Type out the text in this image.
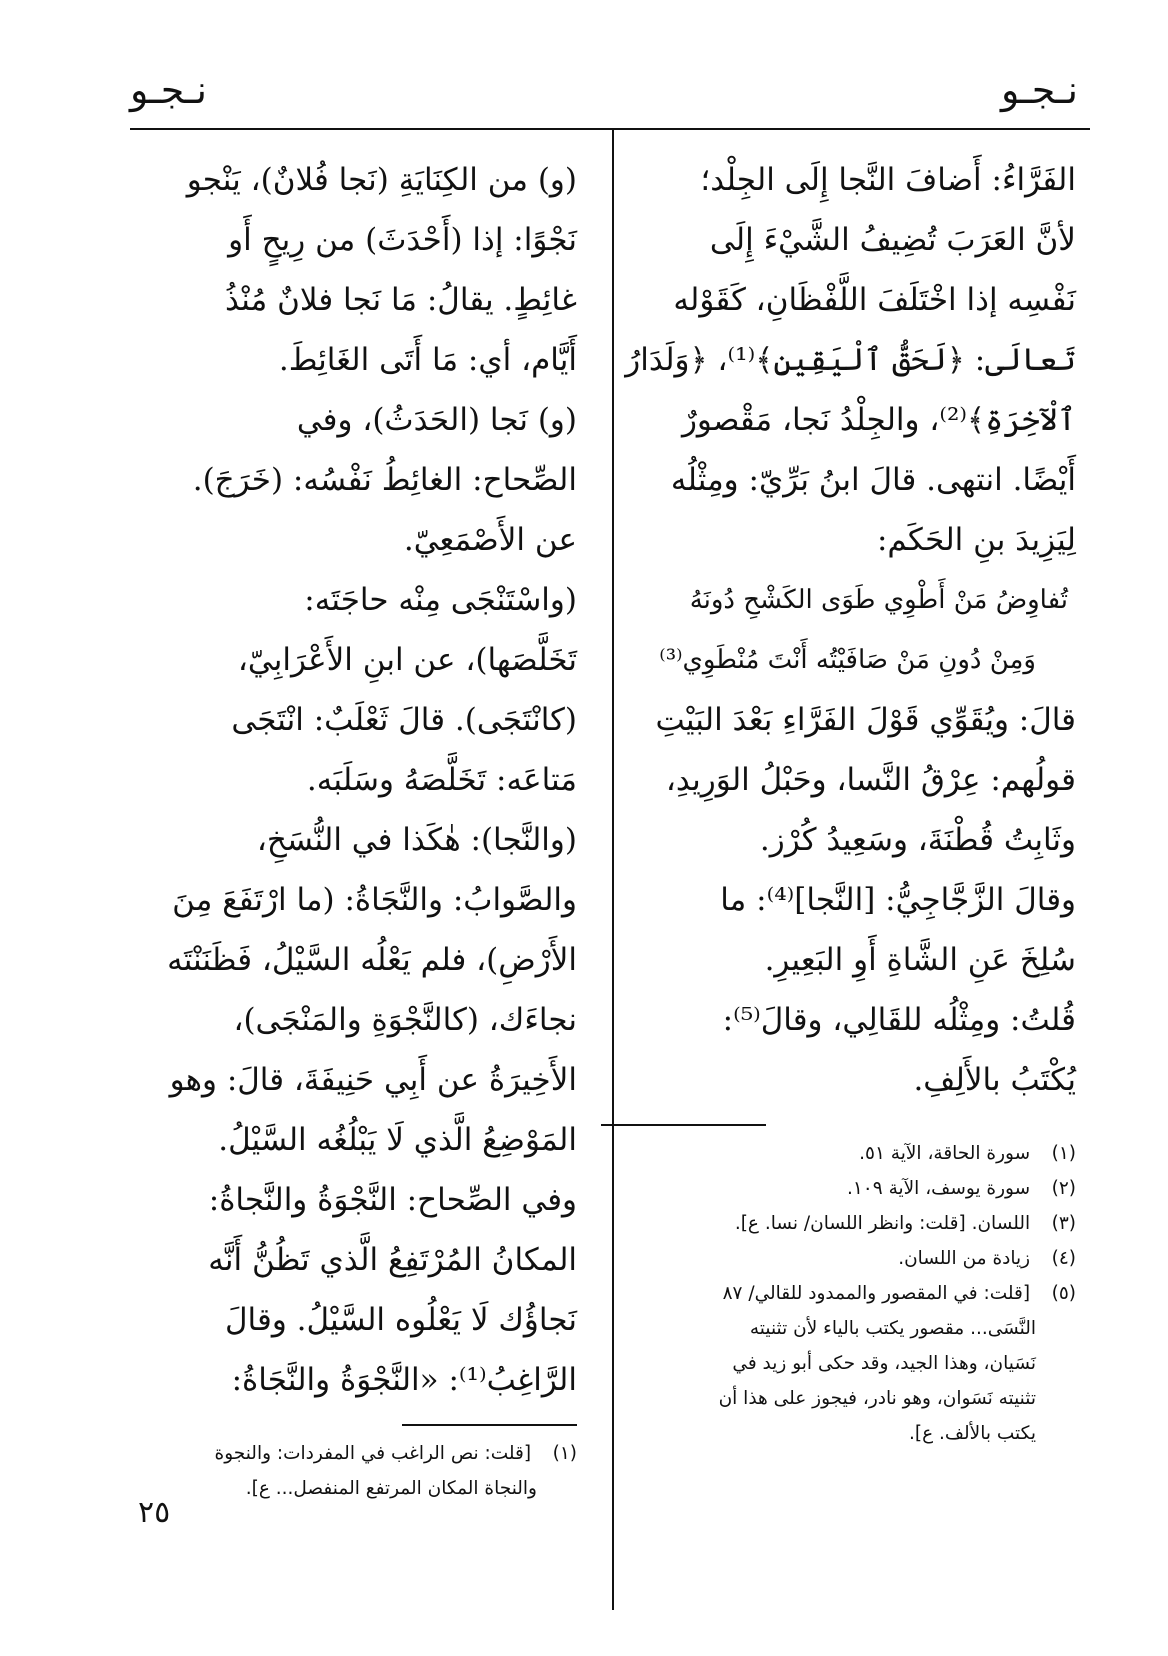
نـجـو
نـجـو

الفَرَّاءُ: أَضافَ النَّجا إِلَى الجِلْد؛

لأنَّ العَرَبَ تُضِيفُ الشَّيْءَ إِلَى

نَفْسِه إذا اخْتَلَفَ اللَّفْظَانِ، كَقَوْله

تَعالَى: ﴿لَحَقُّ ٱلْيَقِينِ﴾⁽¹⁾، ﴿وَلَدَارُ

ٱلْآخِرَةِ﴾⁽²⁾، والجِلْدُ نَجا، مَقْصورٌ

أَيْضًا. انتهى. قالَ ابنُ بَرِّيّ: ومِثْلُه

لِيَزِيدَ بنِ الحَكَم:

تُفاوِضُ مَنْ أَطْوِي طَوَى الكَشْحِ دُونَهُ

وَمِنْ دُونِ مَنْ صَافَيْتُه أَنْتَ مُنْطَوِي⁽³⁾

قالَ: ويُقَوِّي قَوْلَ الفَرَّاءِ بَعْدَ البَيْتِ

قولُهم: عِرْقُ النَّسا، وحَبْلُ الوَرِيدِ،

وثَابِتُ قُطْنَةَ، وسَعِيدُ كُرْز.

وقالَ الزَّجَّاجِيُّ: [النَّجا]⁽⁴⁾: ما

سُلِخَ عَنِ الشَّاةِ أَوِ البَعِيرِ.

قُلتُ: ومِثْلُه للقَالِي، وقالَ⁽⁵⁾:

يُكْتَبُ بالأَلِفِ.

(١) سورة الحاقة، الآية ٥١.

(٢) سورة يوسف، الآية ١٠٩.

(٣) اللسان. [قلت: وانظر اللسان/ نسا. ع].

(٤) زيادة من اللسان.

(٥) [قلت: في المقصور والممدود للقالي/ ٨٧

النَّسَى... مقصور يكتب بالياء لأن تثنيته

نَسَيان، وهذا الجيد، وقد حكى أبو زيد في

تثنيته نَسَوان، وهو نادر، فيجوز على هذا أن

يكتب بالألف. ع].

(و) من الكِنَايَةِ (نَجا فُلانٌ)، يَنْجو

نَجْوًا: إذا (أَحْدَثَ) من رِيحٍ أَو

غائِطٍ. يقالُ: مَا نَجا فلانٌ مُنْذُ

أَيَّام، أي: مَا أَتَى الغَائِطَ.

(و) نَجا (الحَدَثُ)، وفي

الصِّحاح: الغائِطُ نَفْسُه: (خَرَجَ).

عن الأَصْمَعِيّ.

(واسْتَنْجَى مِنْه حاجَتَه:

تَخَلَّصَها)، عن ابنِ الأَعْرَابِيّ،

(كانْتَجَى). قالَ ثَعْلَبٌ: انْتَجَى

مَتاعَه: تَخَلَّصَهُ وسَلَبَه.

(والنَّجا): هٰكَذا في النُّسَخِ،

والصَّوابُ: والنَّجَاةُ: (ما ارْتَفَعَ مِنَ

الأَرْضِ)، فلم يَعْلُه السَّيْلُ، فَظَنَنْتَه

نجاءَك، (كالنَّجْوَةِ والمَنْجَى)،

الأَخِيرَةُ عن أَبِي حَنِيفَةَ، قالَ: وهو

المَوْضِعُ الَّذي لَا يَبْلُغُه السَّيْلُ.

وفي الصِّحاح: النَّجْوَةُ والنَّجاةُ:

المكانُ المُرْتَفِعُ الَّذي تَظُنُّ أَنَّه

نَجاؤُك لَا يَعْلُوه السَّيْلُ. وقالَ

الرَّاغِبُ⁽¹⁾: «النَّجْوَةُ والنَّجَاةُ:

(١) [قلت: نص الراغب في المفردات: والنجوة

والنجاة المكان المرتفع المنفصل... ع].

٢٥
